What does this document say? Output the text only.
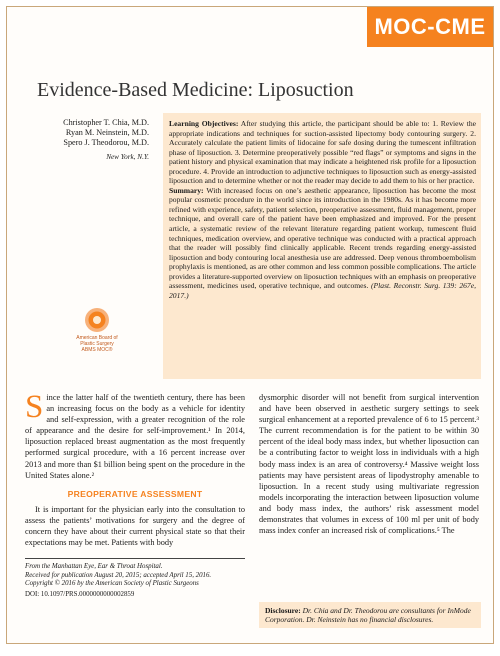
MOC-CME
Evidence-Based Medicine: Liposuction
Christopher T. Chia, M.D.
Ryan M. Neinstein, M.D.
Spero J. Theodorou, M.D.
New York, N.Y.
American Board of
Plastic Surgery
ABMS MOC®

Learning Objectives: After studying this article, the participant should be able to: 1. Review the appropriate indications and techniques for suction-assisted lipectomy body contouring surgery. 2. Accurately calculate the patient limits of lidocaine for safe dosing during the tumescent infiltration phase of liposuction. 3. Determine preoperatively possible “red flags” or symptoms and signs in the patient history and physical examination that may indicate a heightened risk profile for a liposuction procedure. 4. Provide an introduction to adjunctive techniques to liposuction such as energy-assisted liposuction and to determine whether or not the reader may decide to add them to his or her practice.

Summary: With increased focus on one’s aesthetic appearance, liposuction has become the most popular cosmetic procedure in the world since its introduction in the 1980s. As it has become more refined with experience, safety, patient selection, preoperative assessment, fluid management, proper technique, and overall care of the patient have been emphasized and improved. For the present article, a systematic review of the relevant literature regarding patient workup, tumescent fluid techniques, medication overview, and operative technique was conducted with a practical approach that the reader will possibly find clinically applicable. Recent trends regarding energy-assisted liposuction and body contouring local anesthesia use are addressed. Deep venous thromboembolism prophylaxis is mentioned, as are other common and less common possible complications. The article provides a literature-supported overview on liposuction techniques with an emphasis on preoperative assessment, medicines used, operative technique, and outcomes. (Plast. Reconstr. Surg. 139: 267e, 2017.)

Since the latter half of the twentieth century, there has been an increasing focus on the body as a vehicle for identity and self-expression, with a greater recognition of the role of appearance and the desire for self-improvement.¹ In 2014, liposuction replaced breast augmentation as the most frequently performed surgical procedure, with a 16 percent increase over 2013 and more than $1 billion being spent on the procedure in the United States alone.²

PREOPERATIVE ASSESSMENT

It is important for the physician early into the consultation to assess the patients’ motivations for surgery and the degree of concern they have about their current physical state so that their expectations may be met. Patients with body

From the Manhattan Eye, Ear & Throat Hospital.
Received for publication August 20, 2015; accepted April 15, 2016.
Copyright © 2016 by the American Society of Plastic Surgeons
DOI: 10.1097/PRS.0000000000002859

dysmorphic disorder will not benefit from surgical intervention and have been observed in aesthetic surgery settings to seek surgical enhancement at a reported prevalence of 6 to 15 percent.³ The current recommendation is for the patient to be within 30 percent of the ideal body mass index, but whether liposuction can be a contributing factor to weight loss in individuals with a high body mass index is an area of controversy.⁴ Massive weight loss patients may have persistent areas of lipodystrophy amenable to liposuction. In a recent study using multivariate regression models incorporating the interaction between liposuction volume and body mass index, the authors’ risk assessment model demonstrates that volumes in excess of 100 ml per unit of body mass index confer an increased risk of complications.⁵ The

Disclosure: Dr. Chia and Dr. Theodorou are consultants for InMode Corporation. Dr. Neinstein has no financial disclosures.
